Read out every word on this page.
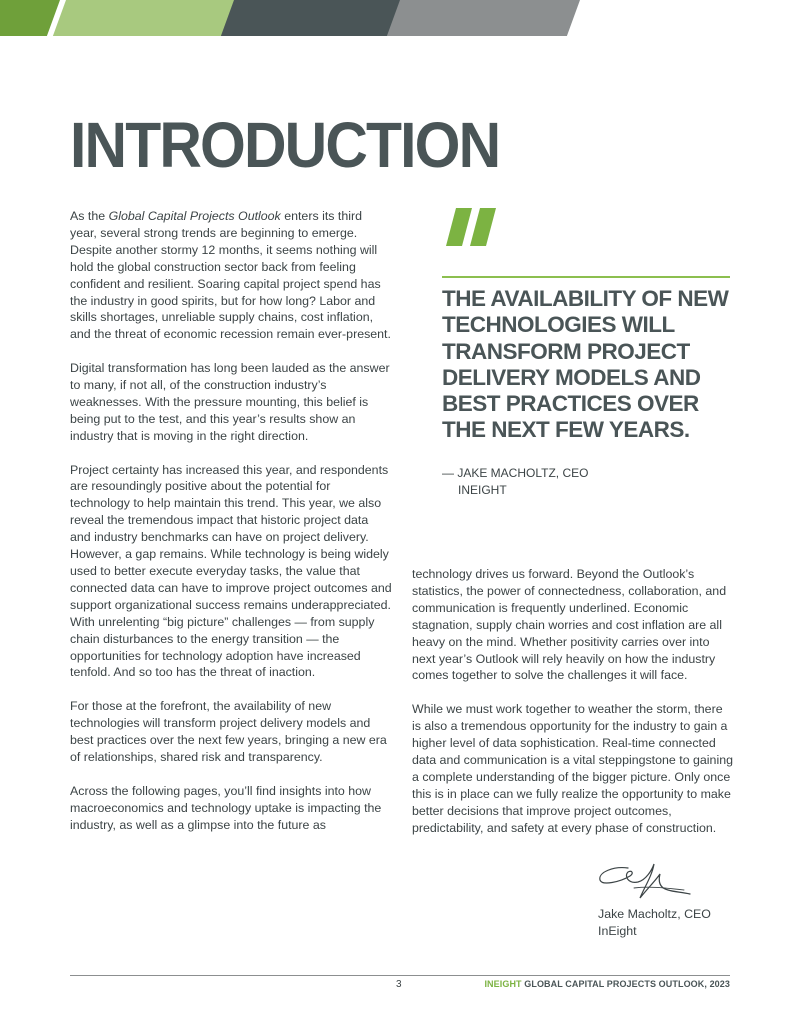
INTRODUCTION

As the Global Capital Projects Outlook enters its third year, several strong trends are beginning to emerge. Despite another stormy 12 months, it seems nothing will hold the global construction sector back from feeling confident and resilient. Soaring capital project spend has the industry in good spirits, but for how long? Labor and skills shortages, unreliable supply chains, cost inflation, and the threat of economic recession remain ever-present.

Digital transformation has long been lauded as the answer to many, if not all, of the construction industry’s weaknesses. With the pressure mounting, this belief is being put to the test, and this year’s results show an industry that is moving in the right direction.

Project certainty has increased this year, and respondents are resoundingly positive about the potential for technology to help maintain this trend. This year, we also reveal the tremendous impact that historic project data and industry benchmarks can have on project delivery. However, a gap remains. While technology is being widely used to better execute everyday tasks, the value that connected data can have to improve project outcomes and support organizational success remains underappreciated. With unrelenting “big picture” challenges — from supply chain disturbances to the energy transition — the opportunities for technology adoption have increased tenfold. And so too has the threat of inaction.

For those at the forefront, the availability of new technologies will transform project delivery models and best practices over the next few years, bringing a new era of relationships, shared risk and transparency.

Across the following pages, you’ll find insights into how macroeconomics and technology uptake is impacting the industry, as well as a glimpse into the future as

THE AVAILABILITY OF NEW TECHNOLOGIES WILL TRANSFORM PROJECT DELIVERY MODELS AND BEST PRACTICES OVER THE NEXT FEW YEARS.

— JAKE MACHOLTZ, CEO
INEIGHT

technology drives us forward. Beyond the Outlook’s statistics, the power of connectedness, collaboration, and communication is frequently underlined. Economic stagnation, supply chain worries and cost inflation are all heavy on the mind. Whether positivity carries over into next year’s Outlook will rely heavily on how the industry comes together to solve the challenges it will face.

While we must work together to weather the storm, there is also a tremendous opportunity for the industry to gain a higher level of data sophistication. Real-time connected data and communication is a vital steppingstone to gaining a complete understanding of the bigger picture. Only once this is in place can we fully realize the opportunity to make better decisions that improve project outcomes, predictability, and safety at every phase of construction.

Jake Macholtz, CEO
InEight
3	INEIGHT GLOBAL CAPITAL PROJECTS OUTLOOK, 2023
